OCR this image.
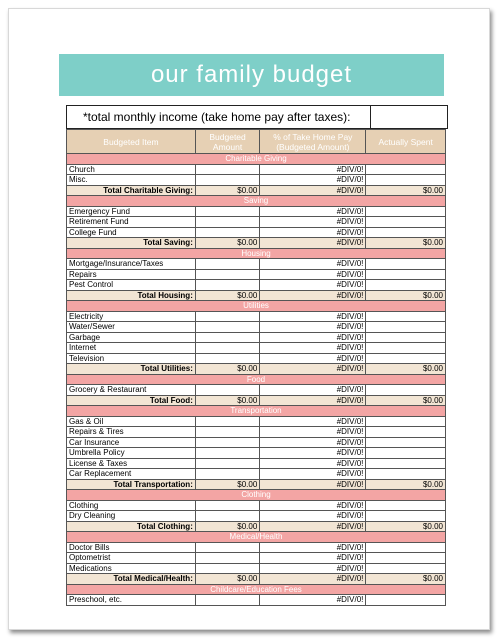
our family budget
*total monthly income (take home pay after taxes):
Budgeted Item	Budgeted Amount	% of Take Home Pay (Budgeted Amount)	Actually Spent
Charitable Giving			
Church		#DIV/0!	
Misc.		#DIV/0!	
Total Charitable Giving:	$0.00	#DIV/0!	$0.00
Saving			
Emergency Fund		#DIV/0!	
Retirement Fund		#DIV/0!	
College Fund		#DIV/0!	
Total Saving:	$0.00	#DIV/0!	$0.00
Housing			
Mortgage/Insurance/Taxes		#DIV/0!	
Repairs		#DIV/0!	
Pest Control		#DIV/0!	
Total Housing:	$0.00	#DIV/0!	$0.00
Utilities			
Electricity		#DIV/0!	
Water/Sewer		#DIV/0!	
Garbage		#DIV/0!	
Internet		#DIV/0!	
Television		#DIV/0!	
Total Utilities:	$0.00	#DIV/0!	$0.00
Food			
Grocery & Restaurant		#DIV/0!	
Total Food:	$0.00	#DIV/0!	$0.00
Transportation			
Gas & Oil		#DIV/0!	
Repairs & Tires		#DIV/0!	
Car Insurance		#DIV/0!	
Umbrella Policy		#DIV/0!	
License & Taxes		#DIV/0!	
Car Replacement		#DIV/0!	
Total Transportation:	$0.00	#DIV/0!	$0.00
Clothing			
Clothing		#DIV/0!	
Dry Cleaning		#DIV/0!	
Total Clothing:	$0.00	#DIV/0!	$0.00
Medical/Health			
Doctor Bills		#DIV/0!	
Optometrist		#DIV/0!	
Medications		#DIV/0!	
Total Medical/Health:	$0.00	#DIV/0!	$0.00
Childcare/Education Fees			
Preschool, etc.		#DIV/0!	
